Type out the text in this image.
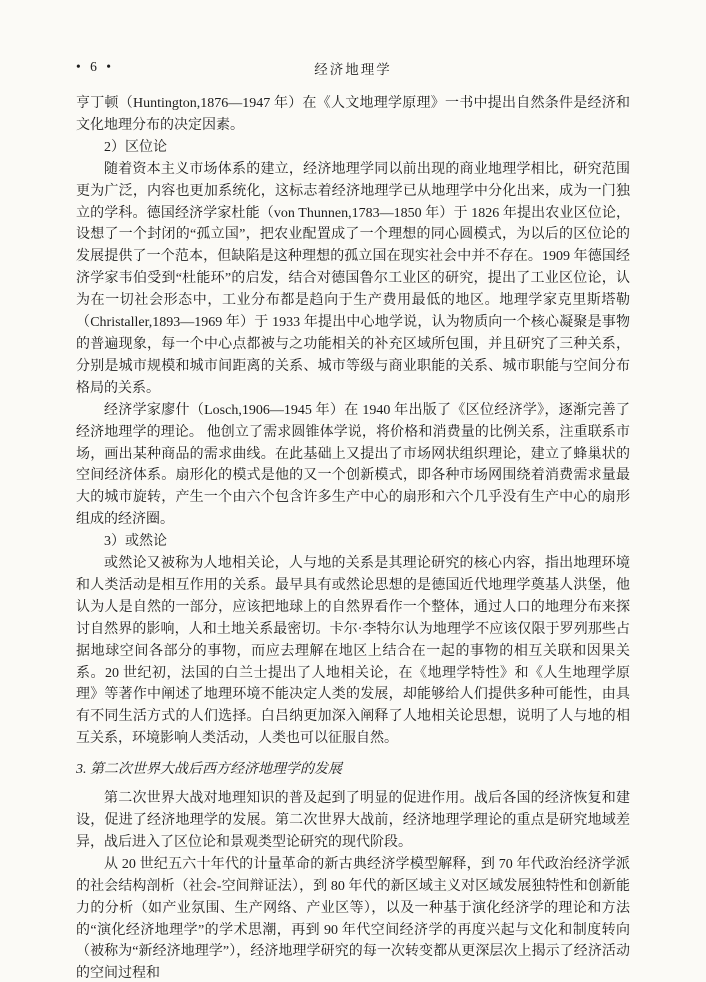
• 6 •	经济地理学

亨丁顿（Huntington,1876—1947 年）在《人文地理学原理》一书中提出自然条件是经济和文化地理分布的决定因素。

2）区位论

随着资本主义市场体系的建立，经济地理学同以前出现的商业地理学相比，研究范围更为广泛，内容也更加系统化，这标志着经济地理学已从地理学中分化出来，成为一门独立的学科。德国经济学家杜能（von Thunnen,1783—1850 年）于 1826 年提出农业区位论，设想了一个封闭的“孤立国”，把农业配置成了一个理想的同心圆模式，为以后的区位论的发展提供了一个范本，但缺陷是这种理想的孤立国在现实社会中并不存在。1909 年德国经济学家韦伯受到“杜能环”的启发，结合对德国鲁尔工业区的研究，提出了工业区位论，认为在一切社会形态中，工业分布都是趋向于生产费用最低的地区。地理学家克里斯塔勒（Christaller,1893—1969 年）于 1933 年提出中心地学说，认为物质向一个核心凝聚是事物的普遍现象，每一个中心点都被与之功能相关的补充区域所包围，并且研究了三种关系，分别是城市规模和城市间距离的关系、城市等级与商业职能的关系、城市职能与空间分布格局的关系。

经济学家廖什（Losch,1906—1945 年）在 1940 年出版了《区位经济学》，逐渐完善了经济地理学的理论。 他创立了需求圆锥体学说，将价格和消费量的比例关系，注重联系市场，画出某种商品的需求曲线。在此基础上又提出了市场网状组织理论，建立了蜂巢状的空间经济体系。扇形化的模式是他的又一个创新模式，即各种市场网围绕着消费需求量最大的城市旋转，产生一个由六个包含许多生产中心的扇形和六个几乎没有生产中心的扇形组成的经济圈。

3）或然论

或然论又被称为人地相关论，人与地的关系是其理论研究的核心内容，指出地理环境和人类活动是相互作用的关系。最早具有或然论思想的是德国近代地理学奠基人洪堡，他认为人是自然的一部分，应该把地球上的自然界看作一个整体，通过人口的地理分布来探讨自然界的影响，人和土地关系最密切。卡尔·李特尔认为地理学不应该仅限于罗列那些占据地球空间各部分的事物，而应去理解在地区上结合在一起的事物的相互关联和因果关系。20 世纪初，法国的白兰士提出了人地相关论，在《地理学特性》和《人生地理学原理》等著作中阐述了地理环境不能决定人类的发展，却能够给人们提供多种可能性，由具有不同生活方式的人们选择。白吕纳更加深入阐释了人地相关论思想，说明了人与地的相互关系，环境影响人类活动，人类也可以征服自然。

3. 第二次世界大战后西方经济地理学的发展

第二次世界大战对地理知识的普及起到了明显的促进作用。战后各国的经济恢复和建设，促进了经济地理学的发展。第二次世界大战前，经济地理学理论的重点是研究地域差异，战后进入了区位论和景观类型论研究的现代阶段。

从 20 世纪五六十年代的计量革命的新古典经济学模型解释，到 70 年代政治经济学派的社会结构剖析（社会-空间辩证法），到 80 年代的新区域主义对区域发展独特性和创新能力的分析（如产业氛围、生产网络、产业区等），以及一种基于演化经济学的理论和方法的“演化经济地理学”的学术思潮，再到 90 年代空间经济学的再度兴起与文化和制度转向（被称为“新经济地理学”），经济地理学研究的每一次转变都从更深层次上揭示了经济活动的空间过程和
